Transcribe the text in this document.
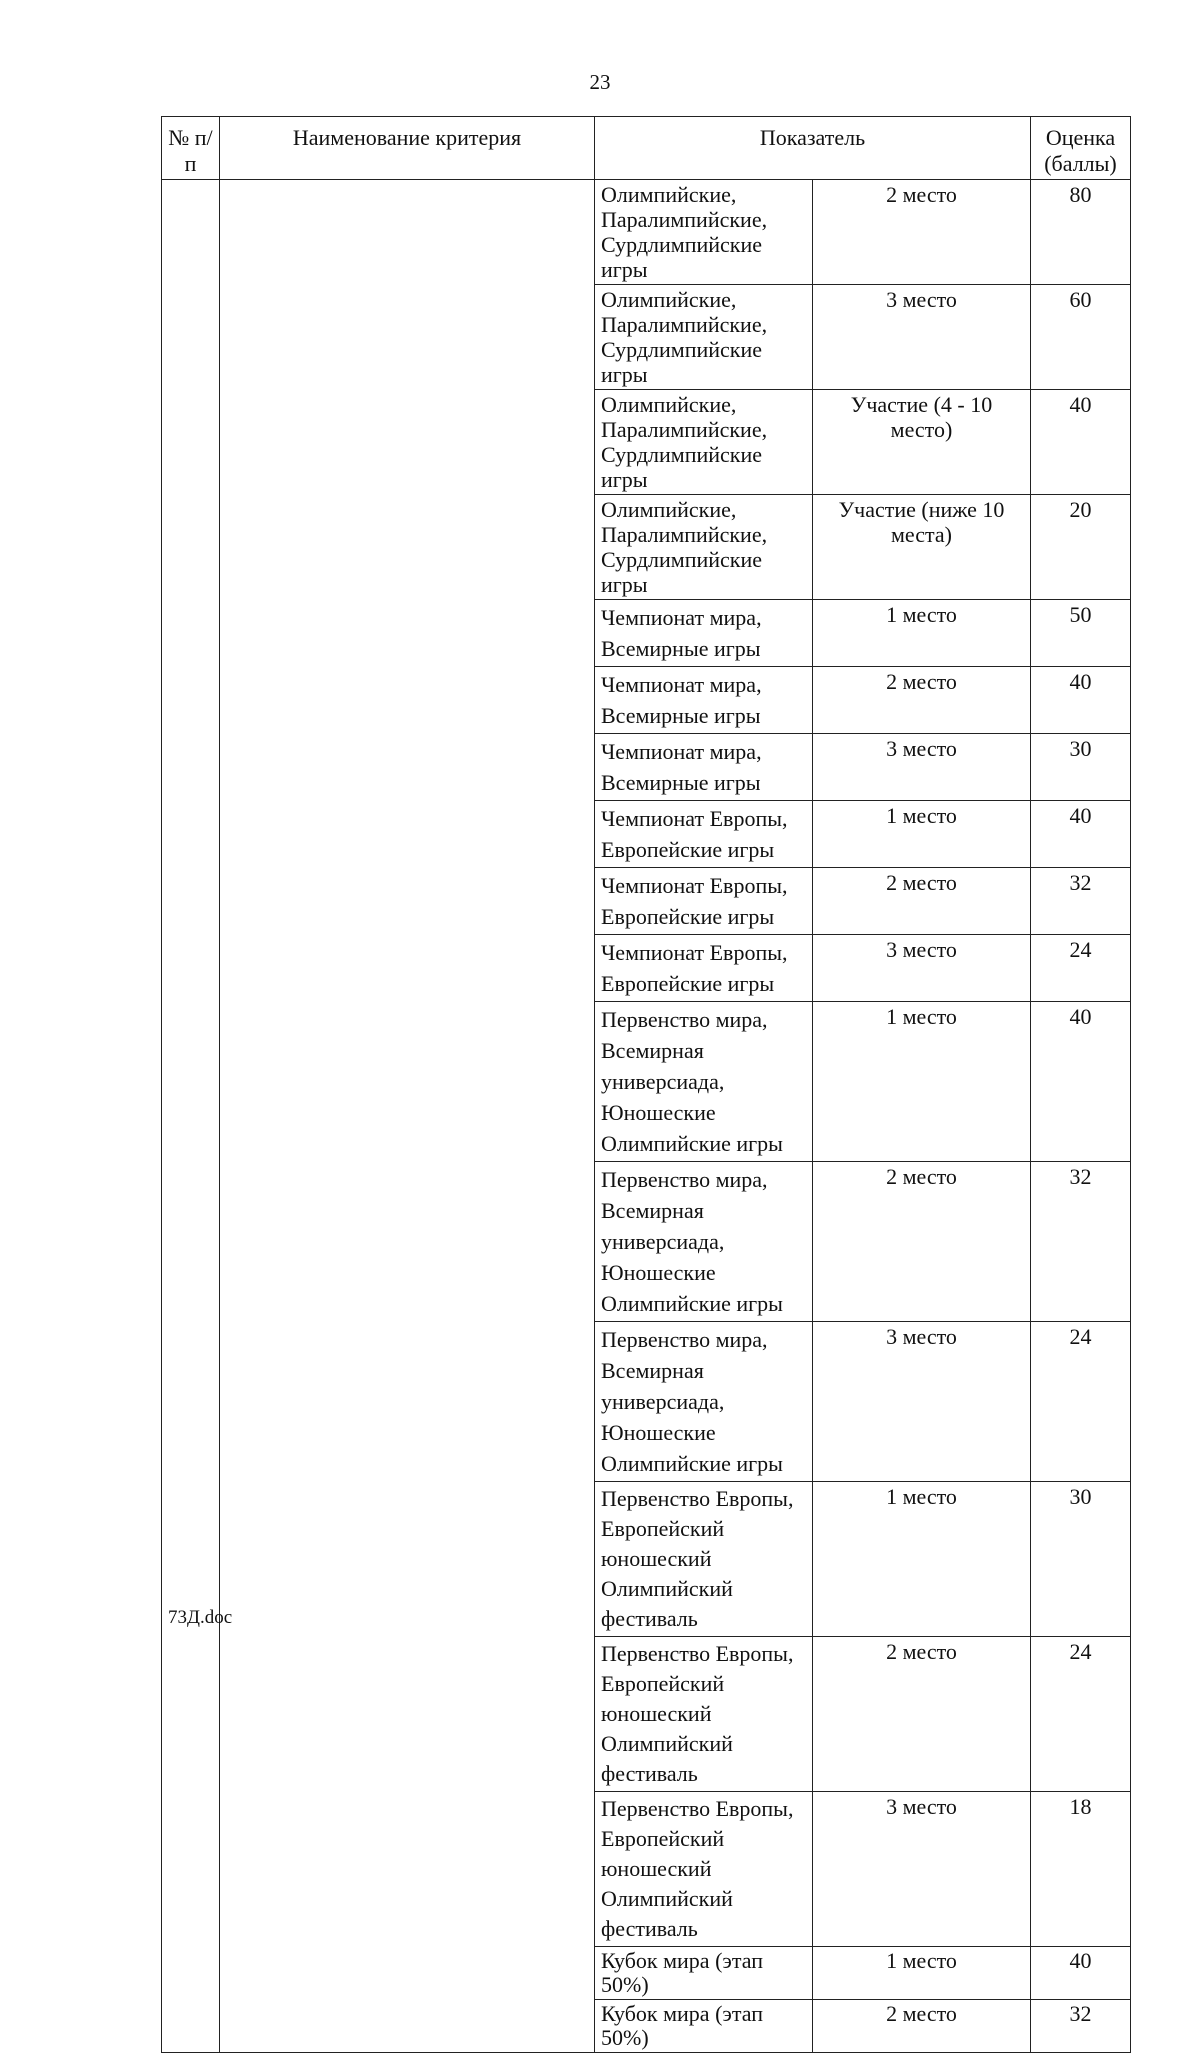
23
№ п/п	Наименование критерия	Показатель		Оценка (баллы)
		Олимпийские, Паралимпийские, Сурдлимпийские игры	2 место	80
		Олимпийские, Паралимпийские, Сурдлимпийские игры	3 место	60
		Олимпийские, Паралимпийские, Сурдлимпийские игры	Участие (4 - 10 место)	40
		Олимпийские, Паралимпийские, Сурдлимпийские игры	Участие (ниже 10 места)	20
		Чемпионат мира, Всемирные игры	1 место	50
		Чемпионат мира, Всемирные игры	2 место	40
		Чемпионат мира, Всемирные игры	3 место	30
		Чемпионат Европы, Европейские игры	1 место	40
		Чемпионат Европы, Европейские игры	2 место	32
		Чемпионат Европы, Европейские игры	3 место	24
		Первенство мира, Всемирная универсиада, Юношеские Олимпийские игры	1 место	40
		Первенство мира, Всемирная универсиада, Юношеские Олимпийские игры	2 место	32
		Первенство мира, Всемирная универсиада, Юношеские Олимпийские игры	3 место	24
		Первенство Европы, Европейский юношеский Олимпийский фестиваль	1 место	30
		Первенство Европы, Европейский юношеский Олимпийский фестиваль	2 место	24
		Первенство Европы, Европейский юношеский Олимпийский фестиваль	3 место	18
		Кубок мира (этап 50%)	1 место	40
		Кубок мира (этап 50%)	2 место	32
73Д.doc
